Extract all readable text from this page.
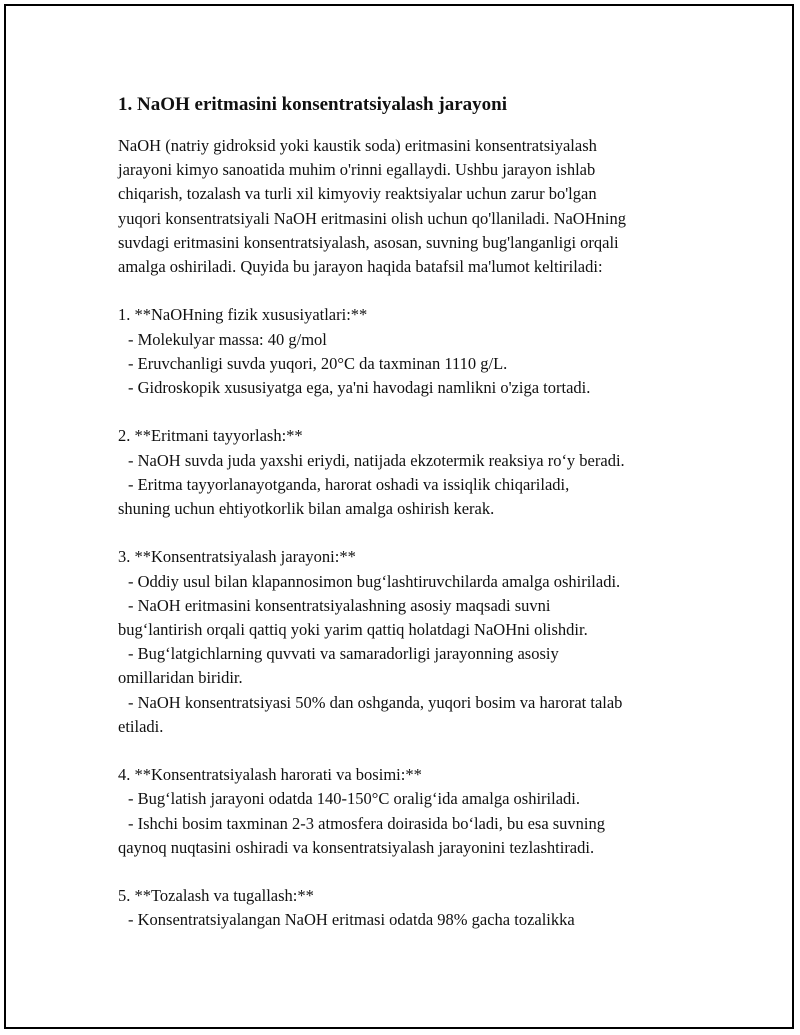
1. NaOH eritmasini konsentratsiyalash jarayoni
NaOH (natriy gidroksid yoki kaustik soda) eritmasini konsentratsiyalash
jarayoni kimyo sanoatida muhim o'rinni egallaydi. Ushbu jarayon ishlab
chiqarish, tozalash va turli xil kimyoviy reaktsiyalar uchun zarur bo'lgan
yuqori konsentratsiyali NaOH eritmasini olish uchun qo'llaniladi. NaOHning
suvdagi eritmasini konsentratsiyalash, asosan, suvning bug'langanligi orqali
amalga oshiriladi. Quyida bu jarayon haqida batafsil ma'lumot keltiriladi:
1. **NaOHning fizik xususiyatlari:**
- Molekulyar massa: 40 g/mol
- Eruvchanligi suvda yuqori, 20°C da taxminan 1110 g/L.
- Gidroskopik xususiyatga ega, ya'ni havodagi namlikni o'ziga tortadi.
2. **Eritmani tayyorlash:**
- NaOH suvda juda yaxshi eriydi, natijada ekzotermik reaksiya ro‘y beradi.
- Eritma tayyorlanayotganda, harorat oshadi va issiqlik chiqariladi,
shuning uchun ehtiyotkorlik bilan amalga oshirish kerak.
3. **Konsentratsiyalash jarayoni:**
- Oddiy usul bilan klapannosimon bug‘lashtiruvchilarda amalga oshiriladi.
- NaOH eritmasini konsentratsiyalashning asosiy maqsadi suvni
bug‘lantirish orqali qattiq yoki yarim qattiq holatdagi NaOHni olishdir.
- Bug‘latgichlarning quvvati va samaradorligi jarayonning asosiy
omillaridan biridir.
- NaOH konsentratsiyasi 50% dan oshganda, yuqori bosim va harorat talab
etiladi.
4. **Konsentratsiyalash harorati va bosimi:**
- Bug‘latish jarayoni odatda 140-150°C oralig‘ida amalga oshiriladi.
- Ishchi bosim taxminan 2-3 atmosfera doirasida bo‘ladi, bu esa suvning
qaynoq nuqtasini oshiradi va konsentratsiyalash jarayonini tezlashtiradi.
5. **Tozalash va tugallash:**
- Konsentratsiyalangan NaOH eritmasi odatda 98% gacha tozalikka
